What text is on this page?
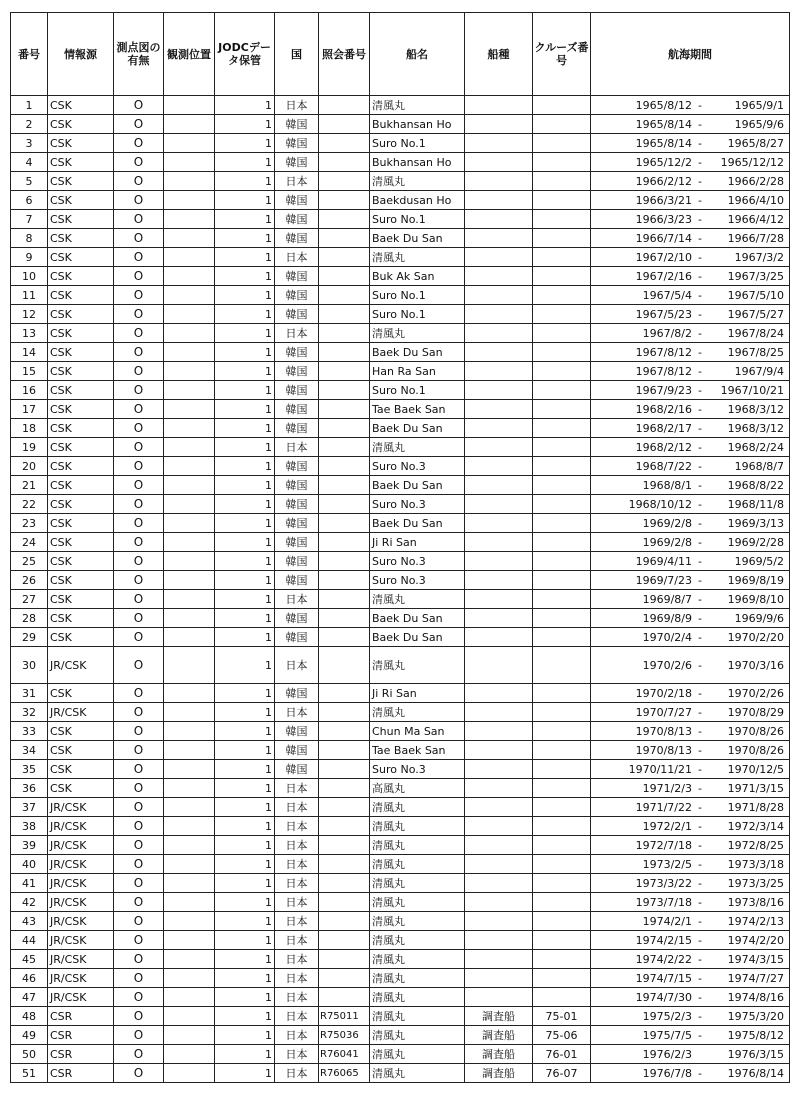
番号	情報源	測点図の有無	観測位置	JODCデータ保管	国	照会番号	船名	船種	クルーズ番号	航海期間
1	CSK	O		1	日本		清風丸			1965/8/12 - 1965/9/1
2	CSK	O		1	韓国		Bukhansan Ho			1965/8/14 - 1965/9/6
3	CSK	O		1	韓国		Suro No.1			1965/8/14 - 1965/8/27
4	CSK	O		1	韓国		Bukhansan Ho			1965/12/2 - 1965/12/12
5	CSK	O		1	日本		清風丸			1966/2/12 - 1966/2/28
6	CSK	O		1	韓国		Baekdusan Ho			1966/3/21 - 1966/4/10
7	CSK	O		1	韓国		Suro No.1			1966/3/23 - 1966/4/12
8	CSK	O		1	韓国		Baek Du San			1966/7/14 - 1966/7/28
9	CSK	O		1	日本		清風丸			1967/2/10 - 1967/3/2
10	CSK	O		1	韓国		Buk Ak San			1967/2/16 - 1967/3/25
11	CSK	O		1	韓国		Suro No.1			1967/5/4 - 1967/5/10
12	CSK	O		1	韓国		Suro No.1			1967/5/23 - 1967/5/27
13	CSK	O		1	日本		清風丸			1967/8/2 - 1967/8/24
14	CSK	O		1	韓国		Baek Du San			1967/8/12 - 1967/8/25
15	CSK	O		1	韓国		Han Ra San			1967/8/12 - 1967/9/4
16	CSK	O		1	韓国		Suro No.1			1967/9/23 - 1967/10/21
17	CSK	O		1	韓国		Tae Baek San			1968/2/16 - 1968/3/12
18	CSK	O		1	韓国		Baek Du San			1968/2/17 - 1968/3/12
19	CSK	O		1	日本		清風丸			1968/2/12 - 1968/2/24
20	CSK	O		1	韓国		Suro No.3			1968/7/22 - 1968/8/7
21	CSK	O		1	韓国		Baek Du San			1968/8/1 - 1968/8/22
22	CSK	O		1	韓国		Suro No.3			1968/10/12 - 1968/11/8
23	CSK	O		1	韓国		Baek Du San			1969/2/8 - 1969/3/13
24	CSK	O		1	韓国		Ji Ri San			1969/2/8 - 1969/2/28
25	CSK	O		1	韓国		Suro No.3			1969/4/11 - 1969/5/2
26	CSK	O		1	韓国		Suro No.3			1969/7/23 - 1969/8/19
27	CSK	O		1	日本		清風丸			1969/8/7 - 1969/8/10
28	CSK	O		1	韓国		Baek Du San			1969/8/9 - 1969/9/6
29	CSK	O		1	韓国		Baek Du San			1970/2/4 - 1970/2/20
30	JR/CSK	O		1	日本		清風丸			1970/2/6 - 1970/3/16
31	CSK	O		1	韓国		Ji Ri San			1970/2/18 - 1970/2/26
32	JR/CSK	O		1	日本		清風丸			1970/7/27 - 1970/8/29
33	CSK	O		1	韓国		Chun Ma San			1970/8/13 - 1970/8/26
34	CSK	O		1	韓国		Tae Baek San			1970/8/13 - 1970/8/26
35	CSK	O		1	韓国		Suro No.3			1970/11/21 - 1970/12/5
36	CSK	O		1	日本		高風丸			1971/2/3 - 1971/3/15
37	JR/CSK	O		1	日本		清風丸			1971/7/22 - 1971/8/28
38	JR/CSK	O		1	日本		清風丸			1972/2/1 - 1972/3/14
39	JR/CSK	O		1	日本		清風丸			1972/7/18 - 1972/8/25
40	JR/CSK	O		1	日本		清風丸			1973/2/5 - 1973/3/18
41	JR/CSK	O		1	日本		清風丸			1973/3/22 - 1973/3/25
42	JR/CSK	O		1	日本		清風丸			1973/7/18 - 1973/8/16
43	JR/CSK	O		1	日本		清風丸			1974/2/1 - 1974/2/13
44	JR/CSK	O		1	日本		清風丸			1974/2/15 - 1974/2/20
45	JR/CSK	O		1	日本		清風丸			1974/2/22 - 1974/3/15
46	JR/CSK	O		1	日本		清風丸			1974/7/15 - 1974/7/27
47	JR/CSK	O		1	日本		清風丸			1974/7/30 - 1974/8/16
48	CSR	O		1	日本	R75011	清風丸	調査船	75-01	1975/2/3 - 1975/3/20
49	CSR	O		1	日本	R75036	清風丸	調査船	75-06	1975/7/5 - 1975/8/12
50	CSR	O		1	日本	R76041	清風丸	調査船	76-01	1976/2/3 1976/3/15
51	CSR	O		1	日本	R76065	清風丸	調査船	76-07	1976/7/8 - 1976/8/14
